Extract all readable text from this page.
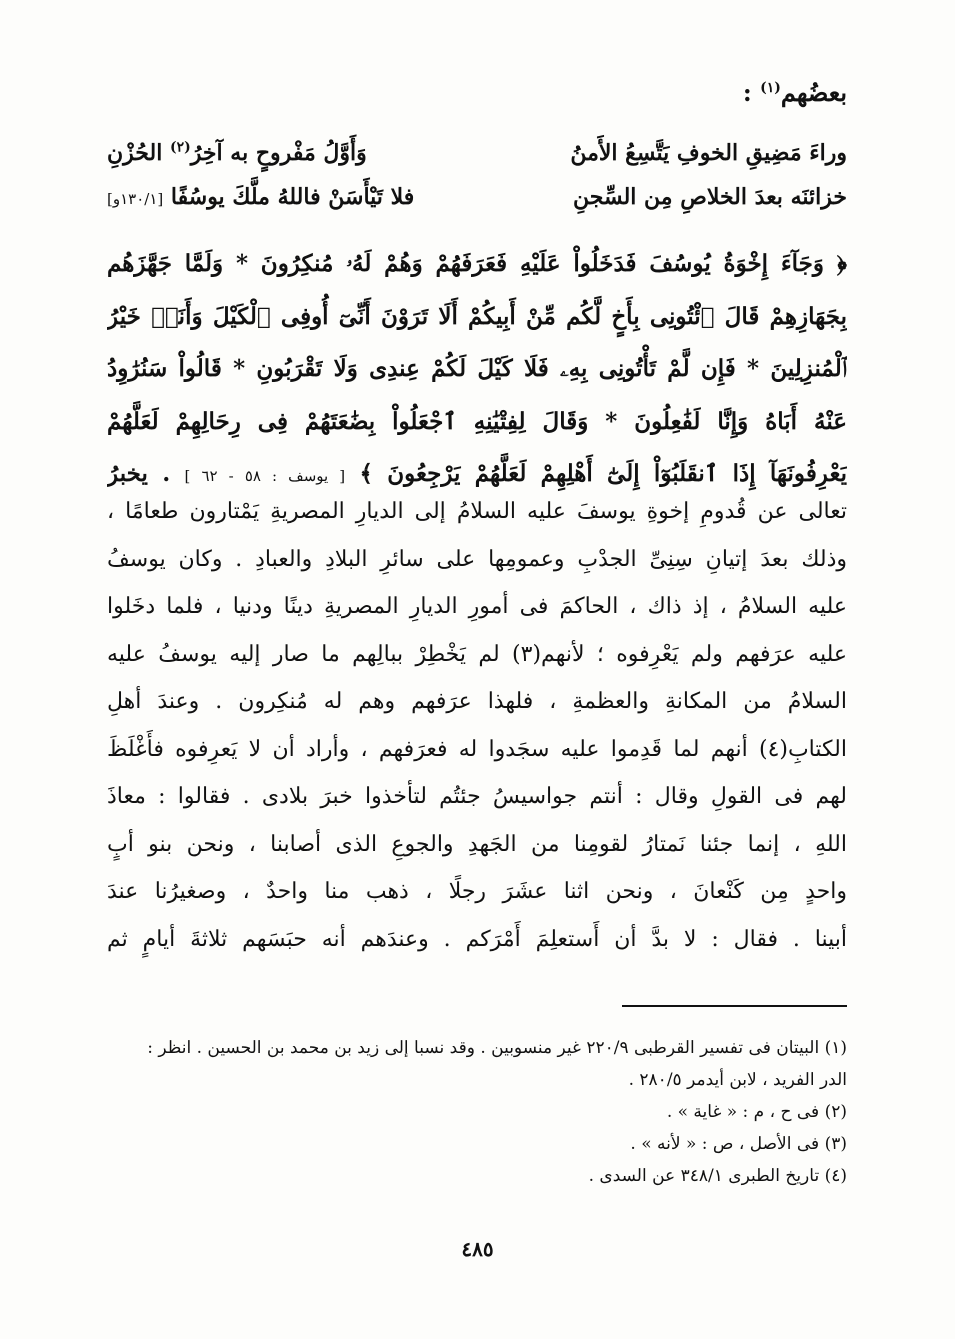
بعضُهم$^{(١)}$ :
وراءَ مَضِيقِ الخوفِ يَتَّسِعُ الأَمنُ
وَأَوَّلُ مَفْروحٍ به آخِرُ$^{(٢)}$ الحُزْنِ
خزائنَه بعدَ الخلاصِ مِن السِّجنِ
فلا تَيْأَسَنْ فاللهُ ملَّكَ يوسُفًا [١٣٠/١و]
﴿ وَجَآءَ إِخْوَةُ يُوسُفَ فَدَخَلُواْ عَلَيْهِ فَعَرَفَهُمْ وَهُمْ لَهُۥ مُنكِرُونَ * وَلَمَّا جَهَّزَهُم
بِجَهَازِهِمْ قَالَ ٱئْتُونِى بِأَخٍ لَّكُم مِّنْ أَبِيكُمْ أَلَا تَرَوْنَ أَنِّىٓ أُوفِى ٱلْكَيْلَ وَأَنَا۠ خَيْرُ
ٱلْمُنزِلِينَ * فَإِن لَّمْ تَأْتُونِى بِهِۦ فَلَا كَيْلَ لَكُمْ عِندِى وَلَا تَقْرَبُونِ * قَالُواْ سَنُرَٰوِدُ
عَنْهُ أَبَاهُ وَإِنَّا لَفَٰعِلُونَ * وَقَالَ لِفِتْيَٰنِهِ ٱجْعَلُواْ بِضَٰعَتَهُمْ فِى رِحَالِهِمْ لَعَلَّهُمْ
يَعْرِفُونَهَآ إِذَا ٱنقَلَبُوٓاْ إِلَىٰٓ أَهْلِهِمْ لَعَلَّهُمْ يَرْجِعُونَ ﴾ [ يوسف : ٥٨ - ٦٢ ] . يخبرُ
تعالى عن قُدومِ إخوةِ يوسفَ عليه السلامُ إلى الديارِ المصريةِ يَمْتارون طعامًا ،
وذلك بعدَ إتيانِ سِنِىِّ الجدْبِ وعمومِها على سائرِ البلادِ والعبادِ . وكان يوسفُ
عليه السلامُ ، إذ ذاك ، الحاكمَ فى أمورِ الديارِ المصريةِ دينًا ودنيا ، فلما دخَلوا
عليه عرَفهم ولم يَعْرِفوه ؛ لأنهم(٣) لم يَخْطِرْ ببالِهم ما صار إليه يوسفُ عليه
السلامُ من المكانةِ والعظمةِ ، فلهذا عرَفهم وهم له مُنكِرون . وعندَ أهلِ
الكتابِ(٤) أنهم لما قَدِموا عليه سجَدوا له فعرَفهم ، وأراد أن لا يَعرِفوه فأَغْلَظَ
لهم فى القولِ وقال : أنتم جواسيسُ جئتُم لتأخذوا خبرَ بلادى . فقالوا : معاذَ
اللهِ ، إنما جئنا نَمتارُ لقومِنا من الجَهدِ والجوعِ الذى أصابنا ، ونحن بنو أبٍ
واحدٍ مِن كَنْعانَ ، ونحن اثنا عشَرَ رجلًا ، ذهب منا واحدٌ ، وصغيرُنا عندَ
أبينا . فقال : لا بدَّ أن أَستعلِمَ أَمْرَكم . وعندَهم أنه حبَسَهم ثلاثةَ أيامٍ ثم
(١) البيتان فى تفسير القرطبى ٢٢٠/٩ غير منسوبين . وقد نسبا إلى زيد بن محمد بن الحسين . انظر :
الدر الفريد ، لابن أيدمر ٢٨٠/٥ .
(٢) فى ح ، م : « غاية » .
(٣) فى الأصل ، ص : « لأنه » .
(٤) تاريخ الطبرى ٣٤٨/١ عن السدى .
٤٨٥
